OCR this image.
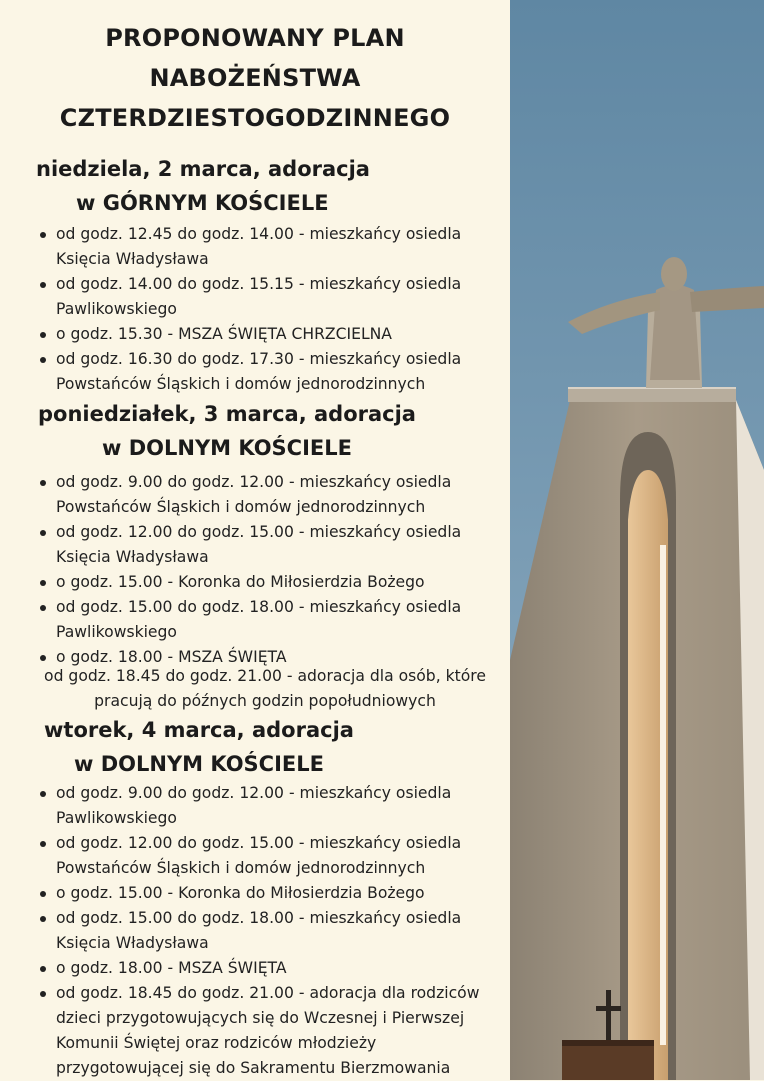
PROPONOWANY PLAN
NABOŻEŃSTWA
CZTERDZIESTOGODZINNEGO
niedziela, 2 marca, adoracja
w GÓRNYM KOŚCIELE
od godz. 12.45 do godz. 14.00 - mieszkańcy osiedla
Księcia Władysława
od godz. 14.00 do godz. 15.15 - mieszkańcy osiedla
Pawlikowskiego
o godz. 15.30 - MSZA ŚWIĘTA CHRZCIELNA
od godz. 16.30 do godz. 17.30 - mieszkańcy osiedla
Powstańców Śląskich i domów jednorodzinnych
poniedziałek, 3 marca, adoracja
w DOLNYM KOŚCIELE
od godz. 9.00 do godz. 12.00 - mieszkańcy osiedla
Powstańców Śląskich i domów jednorodzinnych
od godz. 12.00 do godz. 15.00 - mieszkańcy osiedla
Księcia Władysława
o godz. 15.00 - Koronka do Miłosierdzia Bożego
od godz. 15.00 do godz. 18.00 - mieszkańcy osiedla
Pawlikowskiego
o godz. 18.00 - MSZA ŚWIĘTA
od godz. 18.45 do godz. 21.00 - adoracja dla osób, które
pracują do późnych godzin popołudniowych
wtorek, 4 marca, adoracja
w DOLNYM KOŚCIELE
od godz. 9.00 do godz. 12.00 - mieszkańcy osiedla
Pawlikowskiego
od godz. 12.00 do godz. 15.00 - mieszkańcy osiedla
Powstańców Śląskich i domów jednorodzinnych
o godz. 15.00 - Koronka do Miłosierdzia Bożego
od godz. 15.00 do godz. 18.00 - mieszkańcy osiedla
Księcia Władysława
o godz. 18.00 - MSZA ŚWIĘTA
od godz. 18.45 do godz. 21.00 - adoracja dla rodziców
dzieci przygotowujących się do Wczesnej i Pierwszej
Komunii Świętej oraz rodziców młodzieży
przygotowującej się do Sakramentu Bierzmowania
